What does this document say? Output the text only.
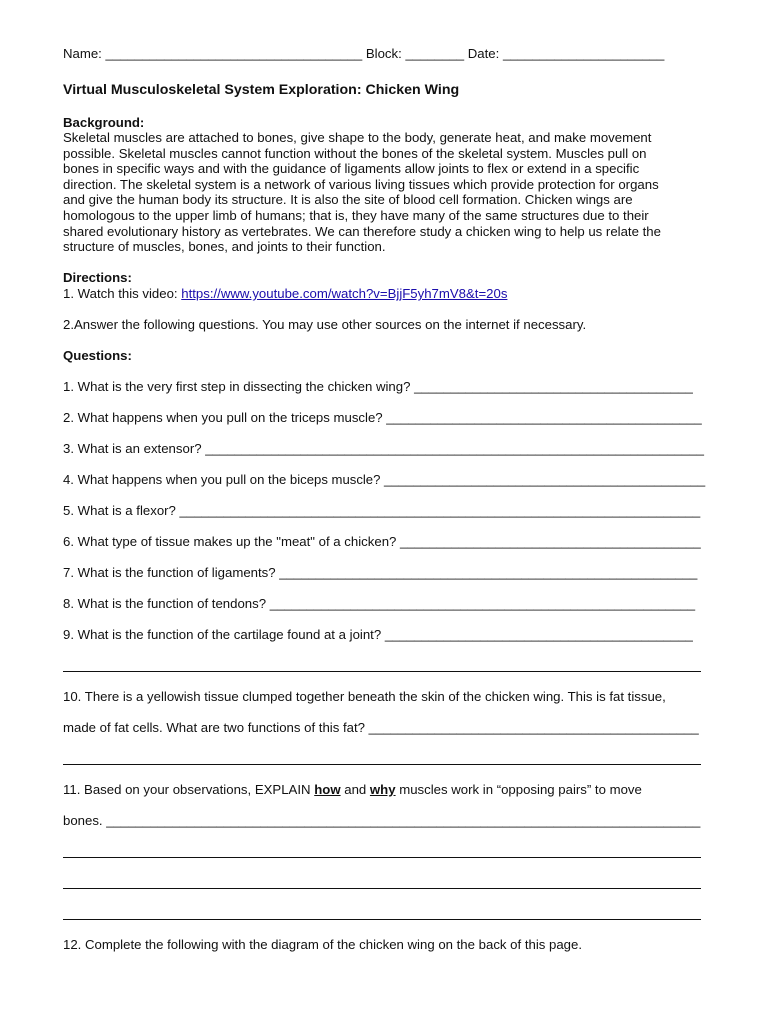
Name: ___________________________________ Block: ________ Date: ______________________
Virtual Musculoskeletal System Exploration: Chicken Wing
Background:
Skeletal muscles are attached to bones, give shape to the body, generate heat, and make movement
possible. Skeletal muscles cannot function without the bones of the skeletal system. Muscles pull on
bones in specific ways and with the guidance of ligaments allow joints to flex or extend in a specific
direction. The skeletal system is a network of various living tissues which provide protection for organs
and give the human body its structure. It is also the site of blood cell formation. Chicken wings are
homologous to the upper limb of humans; that is, they have many of the same structures due to their
shared evolutionary history as vertebrates. We can therefore study a chicken wing to help us relate the
structure of muscles, bones, and joints to their function.
Directions:
1. Watch this video: https://www.youtube.com/watch?v=BjjF5yh7mV8&t=20s
2.Answer the following questions. You may use other sources on the internet if necessary.
Questions:
1. What is the very first step in dissecting the chicken wing? ______________________________________
2. What happens when you pull on the triceps muscle? ___________________________________________
3. What is an extensor? ____________________________________________________________________
4. What happens when you pull on the biceps muscle? ____________________________________________
5. What is a flexor? _______________________________________________________________________
6. What type of tissue makes up the "meat" of a chicken? _________________________________________
7. What is the function of ligaments? _________________________________________________________
8. What is the function of tendons? __________________________________________________________
9. What is the function of the cartilage found at a joint? __________________________________________
10. There is a yellowish tissue clumped together beneath the skin of the chicken wing. This is fat tissue,
made of fat cells. What are two functions of this fat? _____________________________________________
11. Based on your observations, EXPLAIN how and why muscles work in “opposing pairs” to move
bones. _________________________________________________________________________________
12. Complete the following with the diagram of the chicken wing on the back of this page.
